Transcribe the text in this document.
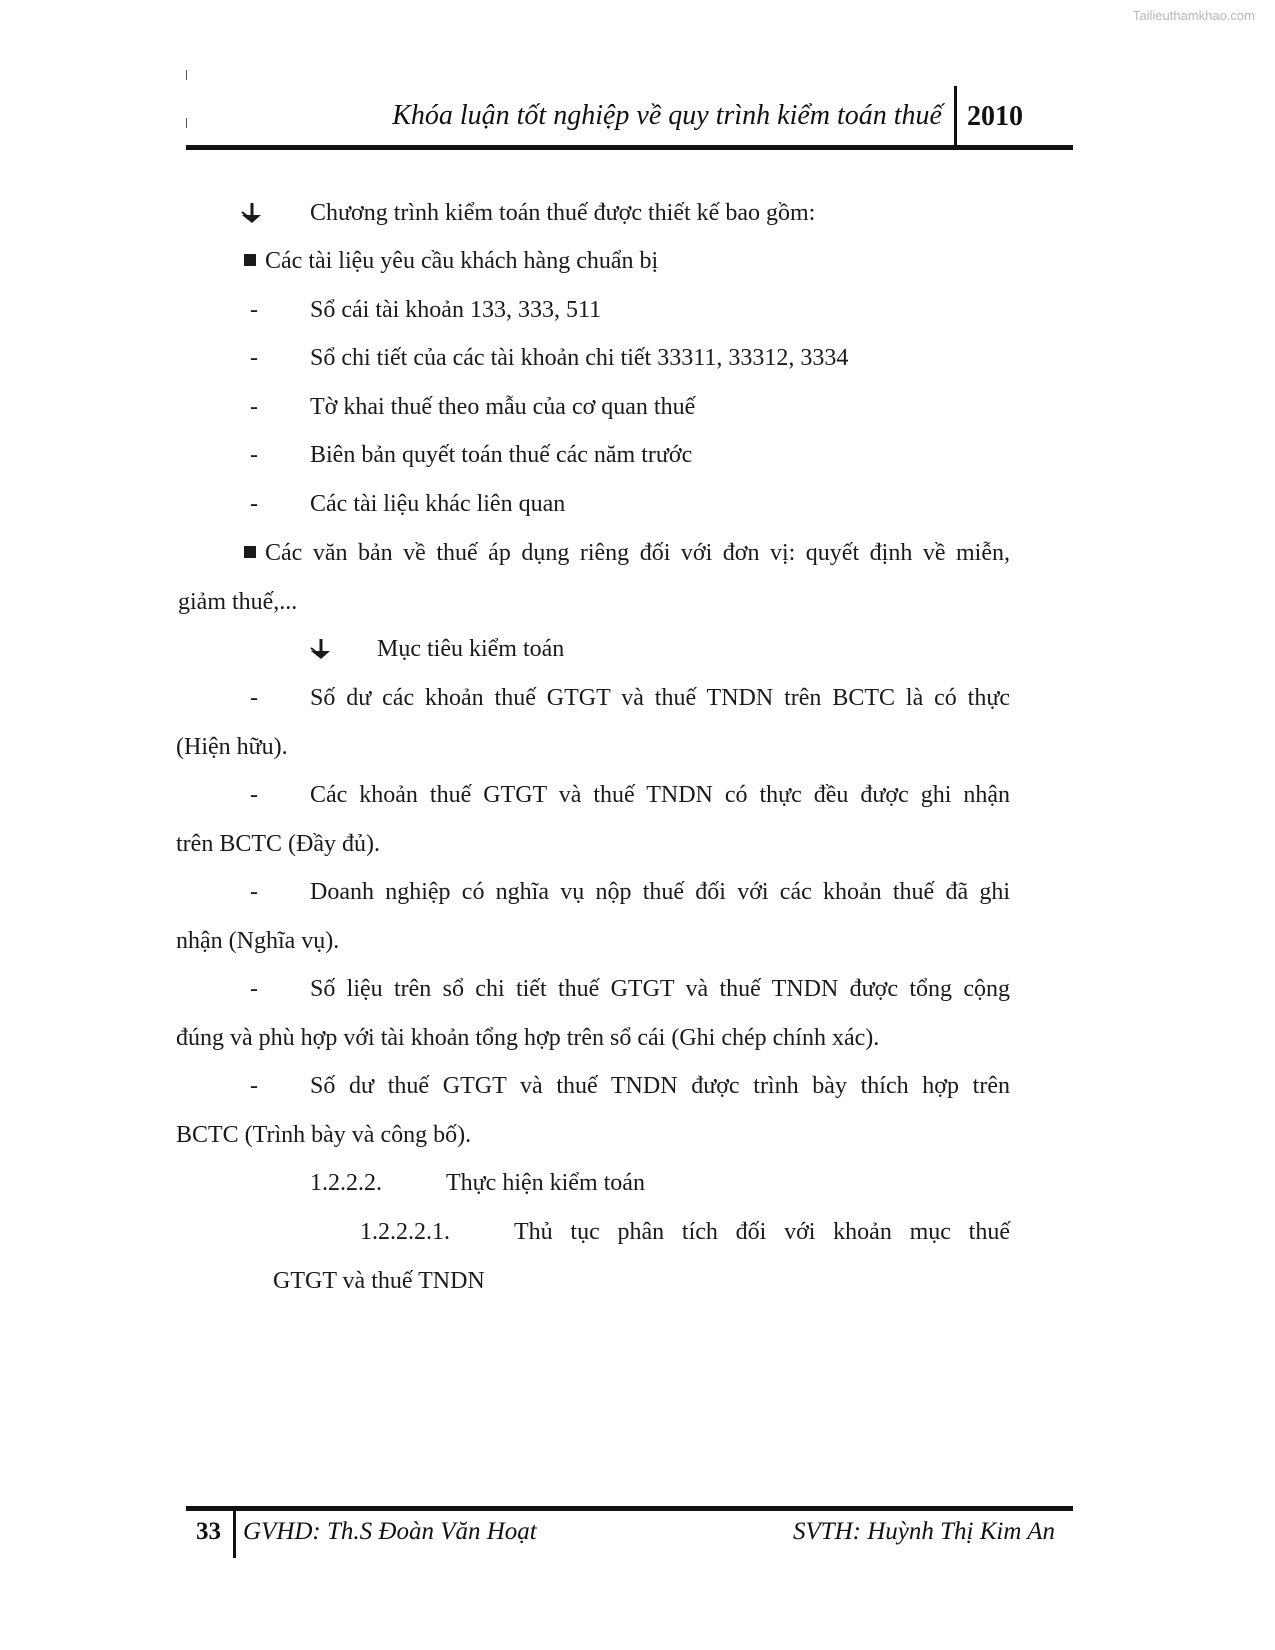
Tailieuthamkhao.com
Khóa luận tốt nghiệp về quy trình kiểm toán thuế 2010
Chương trình kiểm toán thuế được thiết kế bao gồm:
Các tài liệu yêu cầu khách hàng chuẩn bị
- Sổ cái tài khoản 133, 333, 511
- Sổ chi tiết của các tài khoản chi tiết 33311, 33312, 3334
- Tờ khai thuế theo mẫu của cơ quan thuế
- Biên bản quyết toán thuế các năm trước
- Các tài liệu khác liên quan
Các văn bản về thuế áp dụng riêng đối với đơn vị: quyết định về miễn,
giảm thuế,...
Mục tiêu kiểm toán
- Số dư các khoản thuế GTGT và thuế TNDN trên BCTC là có thực
(Hiện hữu).
- Các khoản thuế GTGT và thuế TNDN có thực đều được ghi nhận
trên BCTC (Đầy đủ).
- Doanh nghiệp có nghĩa vụ nộp thuế đối với các khoản thuế đã ghi
nhận (Nghĩa vụ).
- Số liệu trên sổ chi tiết thuế GTGT và thuế TNDN được tổng cộng
đúng và phù hợp với tài khoản tổng hợp trên sổ cái (Ghi chép chính xác).
- Số dư thuế GTGT và thuế TNDN được trình bày thích hợp trên
BCTC (Trình bày và công bố).
1.2.2.2.	Thực hiện kiểm toán
1.2.2.2.1.	Thủ tục phân tích đối với khoản mục thuế
GTGT và thuế TNDN
33 GVHD: Th.S Đoàn Văn Hoạt	SVTH: Huỳnh Thị Kim An
